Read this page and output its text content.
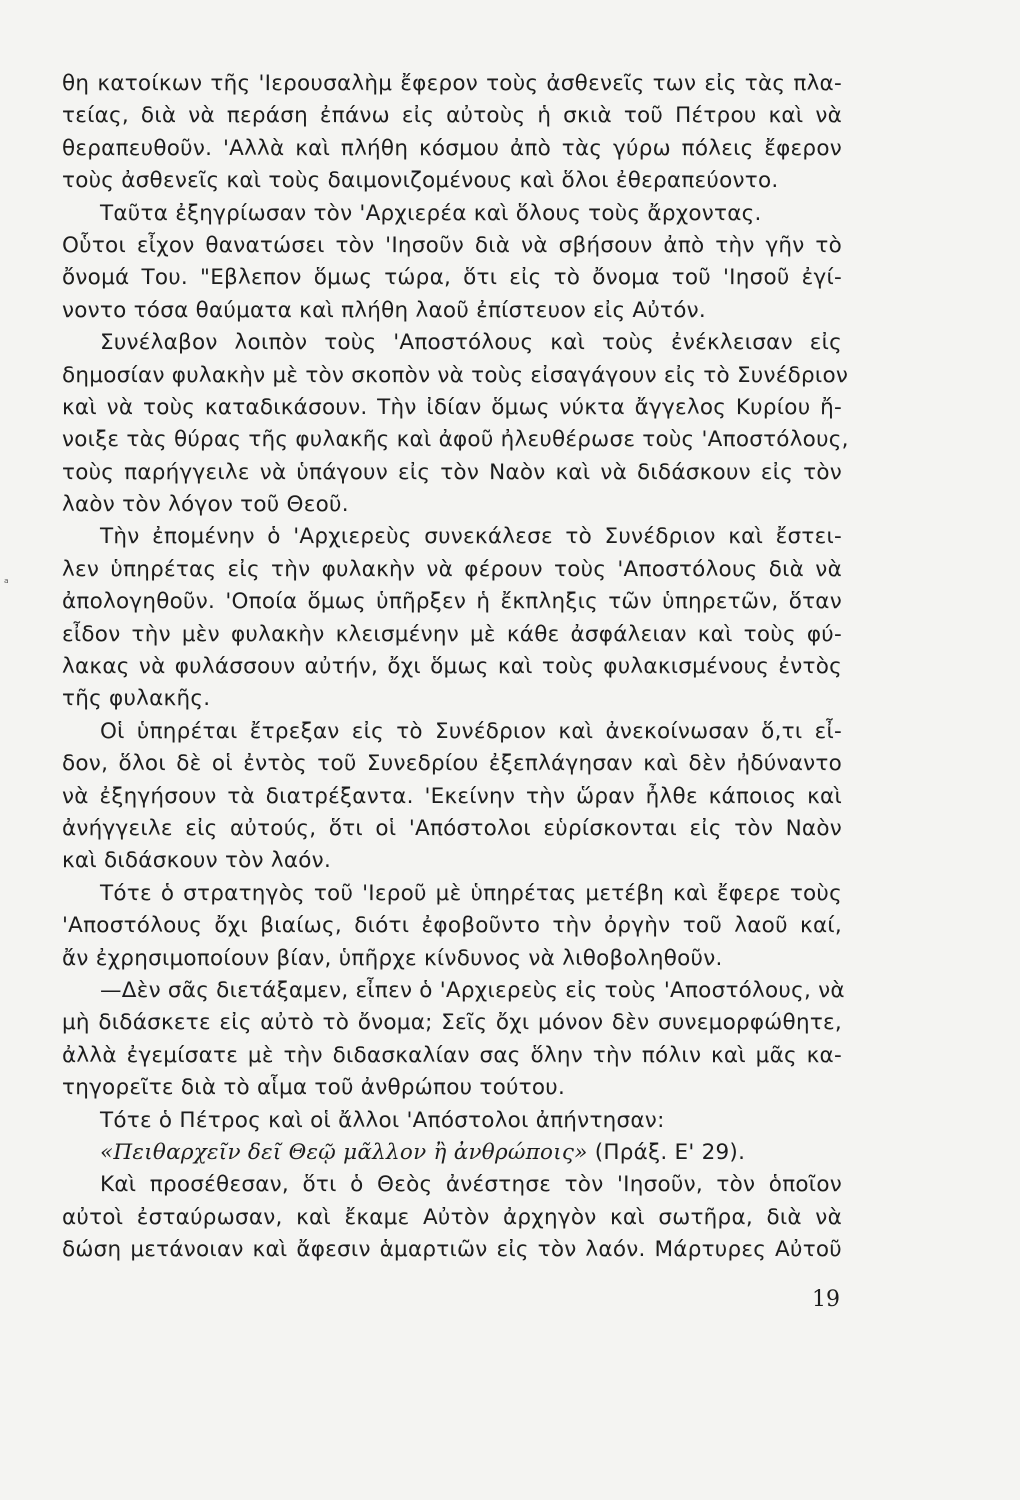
θη κατοίκων τῆς 'Ιερουσαλὴμ ἔφερον τοὺς ἀσθενεῖς των εἰς τὰς πλα-
τείας, διὰ νὰ περάση ἐπάνω εἰς αὐτοὺς ἡ σκιὰ τοῦ Πέτρου καὶ νὰ
θεραπευθοῦν. 'Αλλὰ καὶ πλήθη κόσμου ἀπὸ τὰς γύρω πόλεις ἔφερον
τοὺς ἀσθενεῖς καὶ τοὺς δαιμονιζομένους καὶ ὅλοι ἐθεραπεύοντο.
Ταῦτα ἐξηγρίωσαν τὸν 'Αρχιερέα καὶ ὅλους τοὺς ἄρχοντας.
Οὗτοι εἶχον θανατώσει τὸν 'Ιησοῦν διὰ νὰ σβήσουν ἀπὸ τὴν γῆν τὸ
ὄνομά Του. "Εβλεπον ὅμως τώρα, ὅτι εἰς τὸ ὄνομα τοῦ 'Ιησοῦ ἐγί-
νοντο τόσα θαύματα καὶ πλήθη λαοῦ ἐπίστευον εἰς Αὐτόν.
Συνέλαβον λοιπὸν τοὺς 'Αποστόλους καὶ τοὺς ἐνέκλεισαν εἰς
δημοσίαν φυλακὴν μὲ τὸν σκοπὸν νὰ τοὺς εἰσαγάγουν εἰς τὸ Συνέδριον
καὶ νὰ τοὺς καταδικάσουν. Τὴν ἰδίαν ὅμως νύκτα ἄγγελος Κυρίου ἤ-
νοιξε τὰς θύρας τῆς φυλακῆς καὶ ἀφοῦ ἠλευθέρωσε τοὺς 'Αποστόλους,
τοὺς παρήγγειλε νὰ ὑπάγουν εἰς τὸν Ναὸν καὶ νὰ διδάσκουν εἰς τὸν
λαὸν τὸν λόγον τοῦ Θεοῦ.
Τὴν ἐπομένην ὁ 'Αρχιερεὺς συνεκάλεσε τὸ Συνέδριον καὶ ἔστει-
λεν ὑπηρέτας εἰς τὴν φυλακὴν νὰ φέρουν τοὺς 'Αποστόλους διὰ νὰ
ἀπολογηθοῦν. 'Οποία ὅμως ὑπῆρξεν ἡ ἔκπληξις τῶν ὑπηρετῶν, ὅταν
εἶδον τὴν μὲν φυλακὴν κλεισμένην μὲ κάθε ἀσφάλειαν καὶ τοὺς φύ-
λακας νὰ φυλάσσουν αὐτήν, ὄχι ὅμως καὶ τοὺς φυλακισμένους ἐντὸς
τῆς φυλακῆς.
Οἱ ὑπηρέται ἔτρεξαν εἰς τὸ Συνέδριον καὶ ἀνεκοίνωσαν ὅ,τι εἶ-
δον, ὅλοι δὲ οἱ ἐντὸς τοῦ Συνεδρίου ἐξεπλάγησαν καὶ δὲν ἠδύναντο
νὰ ἐξηγήσουν τὰ διατρέξαντα. 'Εκείνην τὴν ὥραν ἦλθε κάποιος καὶ
ἀνήγγειλε εἰς αὐτούς, ὅτι οἱ 'Απόστολοι εὑρίσκονται εἰς τὸν Ναὸν
καὶ διδάσκουν τὸν λαόν.
Τότε ὁ στρατηγὸς τοῦ 'Ιεροῦ μὲ ὑπηρέτας μετέβη καὶ ἔφερε τοὺς
'Αποστόλους ὄχι βιαίως, διότι ἐφοβοῦντο τὴν ὀργὴν τοῦ λαοῦ καί,
ἄν ἐχρησιμοποίουν βίαν, ὑπῆρχε κίνδυνος νὰ λιθοβοληθοῦν.
—Δὲν σᾶς διετάξαμεν, εἶπεν ὁ 'Αρχιερεὺς εἰς τοὺς 'Αποστόλους, νὰ
μὴ διδάσκετε εἰς αὐτὸ τὸ ὄνομα; Σεῖς ὄχι μόνον δὲν συνεμορφώθητε,
ἀλλὰ ἐγεμίσατε μὲ τὴν διδασκαλίαν σας ὅλην τὴν πόλιν καὶ μᾶς κα-
τηγορεῖτε διὰ τὸ αἷμα τοῦ ἀνθρώπου τούτου.
Τότε ὁ Πέτρος καὶ οἱ ἄλλοι 'Απόστολοι ἀπήντησαν:
«Πειθαρχεῖν δεῖ Θεῷ μᾶλλον ἢ ἀνθρώποις» (Πράξ. Ε' 29).
Καὶ προσέθεσαν, ὅτι ὁ Θεὸς ἀνέστησε τὸν 'Ιησοῦν, τὸν ὁποῖον
αὐτοὶ ἐσταύρωσαν, καὶ ἔκαμε Αὐτὸν ἀρχηγὸν καὶ σωτῆρα, διὰ νὰ
δώση μετάνοιαν καὶ ἄφεσιν ἁμαρτιῶν εἰς τὸν λαόν. Μάρτυρες Αὐτοῦ
ₐ
19
